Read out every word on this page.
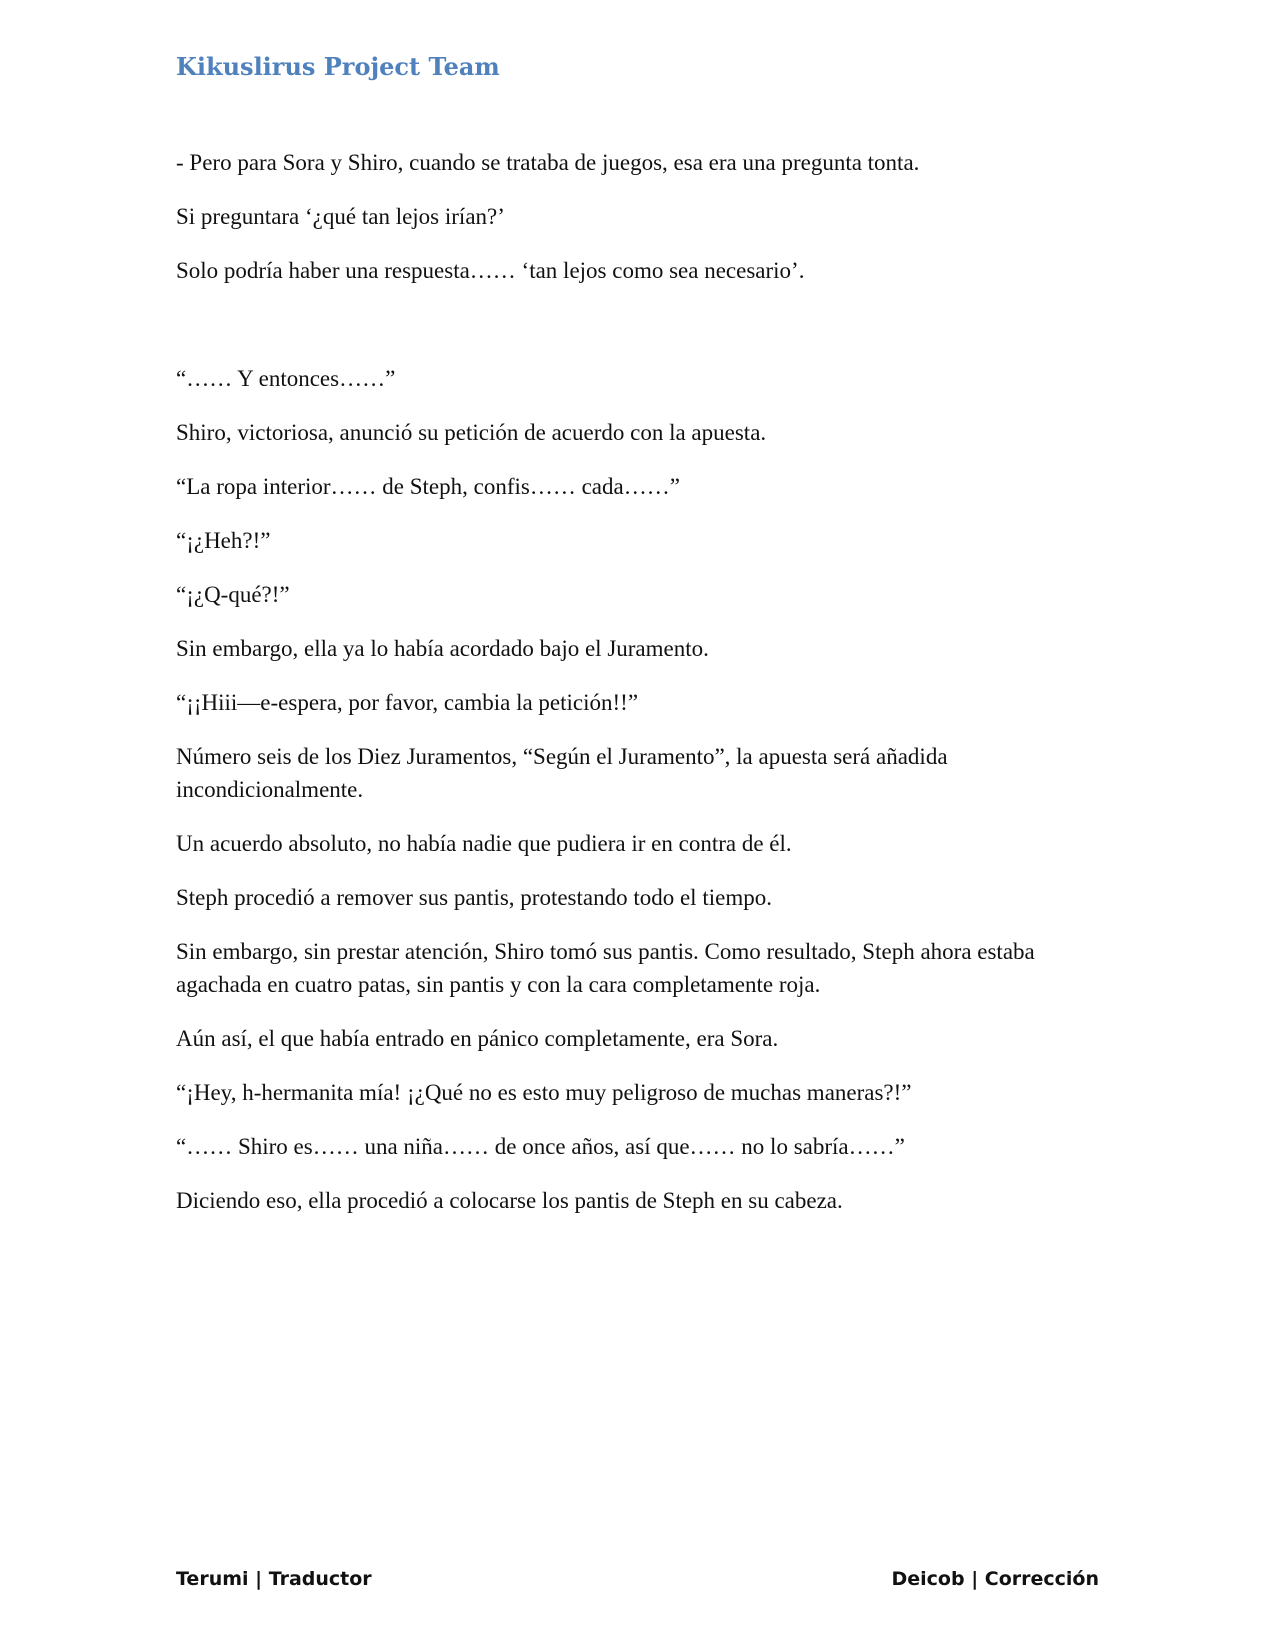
Kikuslirus Project Team

- Pero para Sora y Shiro, cuando se trataba de juegos, esa era una pregunta tonta.

Si preguntara ‘¿qué tan lejos irían?’

Solo podría haber una respuesta…… ‘tan lejos como sea necesario’.

“…… Y entonces……”

Shiro, victoriosa, anunció su petición de acuerdo con la apuesta.

“La ropa interior…… de Steph, confis…… cada……”

“¡¿Heh?!”

“¡¿Q-qué?!”

Sin embargo, ella ya lo había acordado bajo el Juramento.

“¡¡Hiii—e-espera, por favor, cambia la petición!!”

Número seis de los Diez Juramentos, “Según el Juramento”, la apuesta será añadida incondicionalmente.

Un acuerdo absoluto, no había nadie que pudiera ir en contra de él.

Steph procedió a remover sus pantis, protestando todo el tiempo.

Sin embargo, sin prestar atención, Shiro tomó sus pantis. Como resultado, Steph ahora estaba agachada en cuatro patas, sin pantis y con la cara completamente roja.

Aún así, el que había entrado en pánico completamente, era Sora.

“¡Hey, h-hermanita mía! ¡¿Qué no es esto muy peligroso de muchas maneras?!”

“…… Shiro es…… una niña…… de once años, así que…… no lo sabría……”

Diciendo eso, ella procedió a colocarse los pantis de Steph en su cabeza.

Terumi | Traductor	Deicob | Corrección
